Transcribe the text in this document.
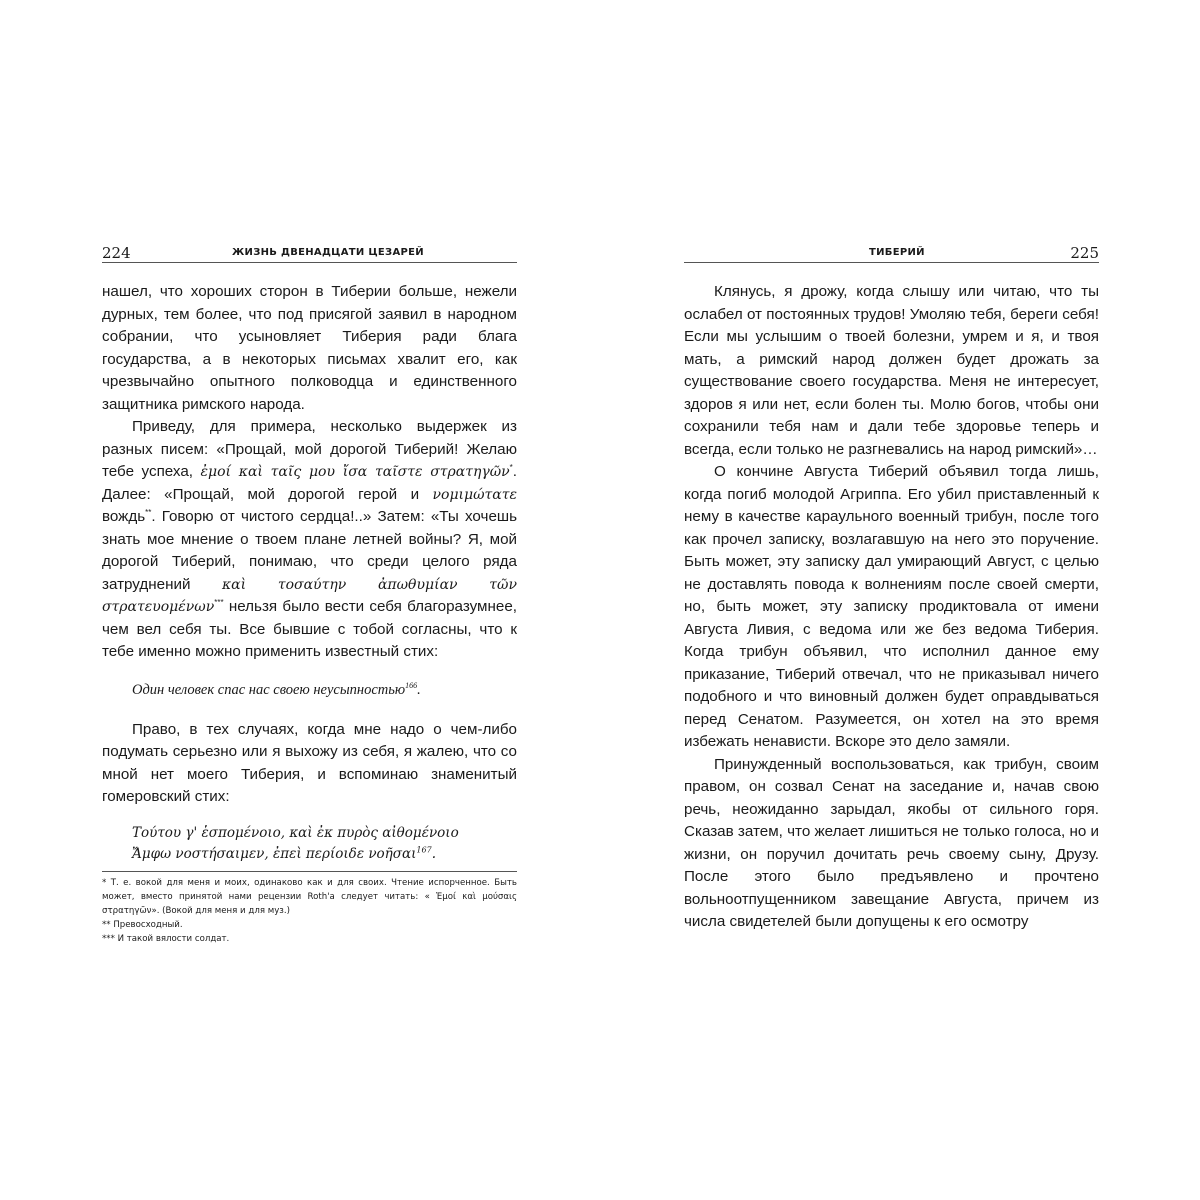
224	ЖИЗНЬ ДВЕНАДЦАТИ ЦЕЗАРЕЙ

нашел, что хороших сторон в Тиберии больше, нежели дурных, тем более, что под присягой заявил в народном собрании, что усыновляет Тиберия ради блага государства, а в некоторых письмах хвалит его, как чрезвычайно опытного полководца и единственного защитника римского народа.

Приведу, для примера, несколько выдержек из разных писем: «Прощай, мой дорогой Тиберий! Желаю тебе успеха, ἐμοί καὶ ταῖς μου ἴσα ταῖστε στρατηγῶν*. Далее: «Прощай, мой дорогой герой и νομιμώτατε вождь**. Говорю от чистого сердца!..» Затем: «Ты хочешь знать мое мнение о твоем плане летней войны? Я, мой дорогой Тиберий, понимаю, что среди целого ряда затруднений καὶ τοσαύτην ἀπωθυμίαν τῶν στρατευομένων*** нельзя было вести себя благоразумнее, чем вел себя ты. Все бывшие с тобой согласны, что к тебе именно можно применить известный стих:

Один человек спас нас своею неусыпностью$^{166}$.

Право, в тех случаях, когда мне надо о чем-либо подумать серьезно или я выхожу из себя, я жалею, что со мной нет моего Тиберия, и вспоминаю знаменитый гомеровский стих:

Τούτου γ' ἑσπομένοιο, καὶ ἐκ πυρὸς αἰθομένοιο
Ἄμφω νοστήσαιμεν, ἐπεὶ περίοιδε νοῆσαι$^{167}$.

* Т. е. вокой для меня и моих, одинаково как и для своих. Чтение испорченное. Быть может, вместо принятой нами рецензии Roth'a следует читать: « Ἐμοί καὶ μούσαις στρατηγῶν». (Вокой для меня и для муз.)

** Превосходный.

*** И такой вялости солдат.

ТИБЕРИЙ	225

Клянусь, я дрожу, когда слышу или читаю, что ты ослабел от постоянных трудов! Умоляю тебя, береги себя! Если мы услышим о твоей болезни, умрем и я, и твоя мать, а римский народ должен будет дрожать за существование своего государства. Меня не интересует, здоров я или нет, если болен ты. Молю богов, чтобы они сохранили тебя нам и дали тебе здоровье теперь и всегда, если только не разгневались на народ римский»…

О кончине Августа Тиберий объявил тогда лишь, когда погиб молодой Агриппа. Его убил приставленный к нему в качестве караульного военный трибун, после того как прочел записку, возлагавшую на него это поручение. Быть может, эту записку дал умирающий Август, с целью не доставлять повода к волнениям после своей смерти, но, быть может, эту записку продиктовала от имени Августа Ливия, с ведома или же без ведома Тиберия. Когда трибун объявил, что исполнил данное ему приказание, Тиберий отвечал, что не приказывал ничего подобного и что виновный должен будет оправдываться перед Сенатом. Разумеется, он хотел на это время избежать ненависти. Вскоре это дело замяли.

Принужденный воспользоваться, как трибун, своим правом, он созвал Сенат на заседание и, начав свою речь, неожиданно зарыдал, якобы от сильного горя. Сказав затем, что желает лишиться не только голоса, но и жизни, он поручил дочитать речь своему сыну, Друзу. После этого было предъявлено и прочтено вольноотпущенником завещание Августа, причем из числа свидетелей были допущены к его осмотру
